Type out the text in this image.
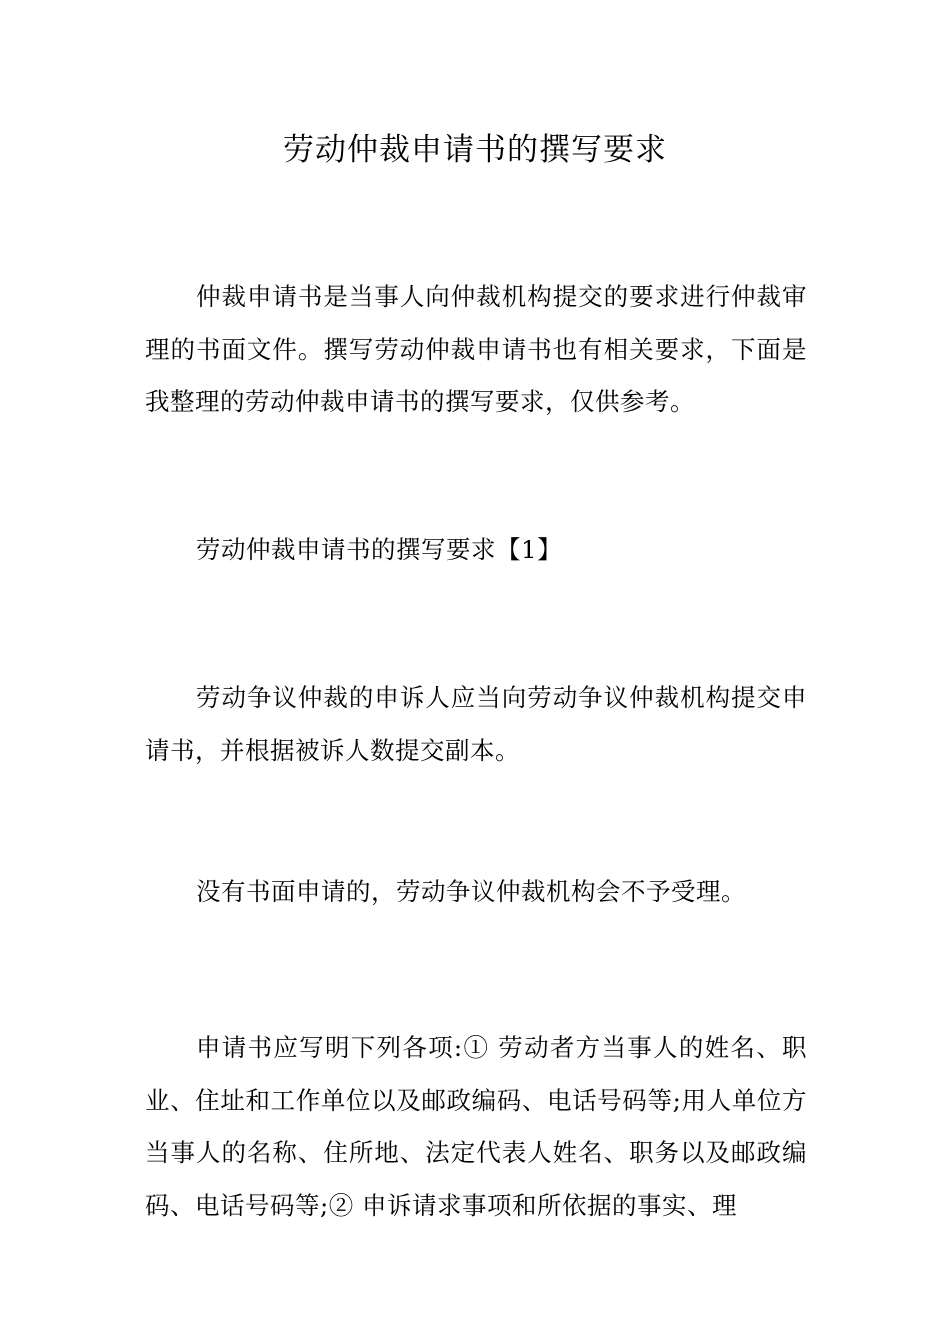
劳动仲裁申请书的撰写要求

仲裁申请书是当事人向仲裁机构提交的要求进行仲裁审理的书面文件。撰写劳动仲裁申请书也有相关要求，下面是我整理的劳动仲裁申请书的撰写要求，仅供参考。

劳动仲裁申请书的撰写要求【1】

劳动争议仲裁的申诉人应当向劳动争议仲裁机构提交申请书，并根据被诉人数提交副本。

没有书面申请的，劳动争议仲裁机构会不予受理。

申请书应写明下列各项:① 劳动者方当事人的姓名、职业、住址和工作单位以及邮政编码、电话号码等;用人单位方当事人的名称、住所地、法定代表人姓名、职务以及邮政编码、电话号码等;② 申诉请求事项和所依据的事实、理
